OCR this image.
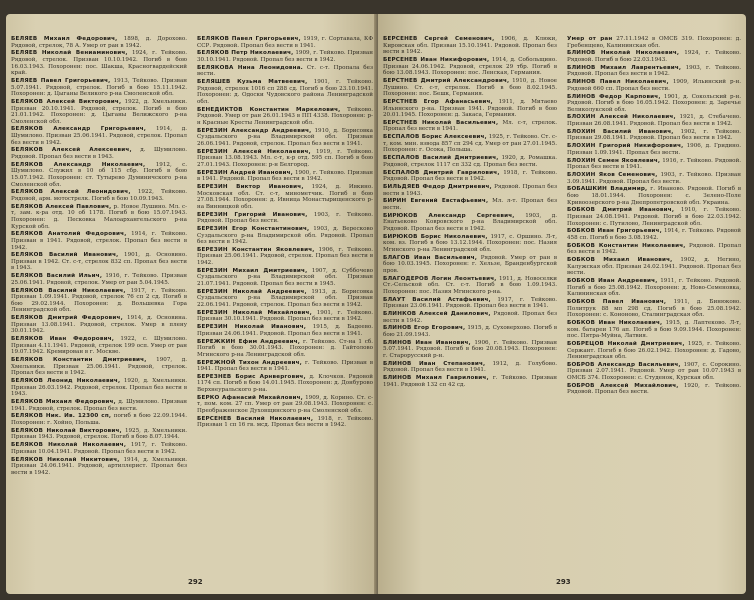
БЕЛЯЕВ Михаил Федорович, 1898, д. Дорохово. Рядовой, стрелок, 78 А. Умер от ран в 1942.

БЕЛЯЕВ Николай Вениаминович, 1924, г. Тейково. Рядовой, стрелок. Призван 10.10.1942. Погиб в бою 16.03.1943. Похоронен: пос. Шакша, Красногвардейский край.

БЕЛЯЕВ Павел Григорьевич, 1913, Тейково. Призван 5.07.1941. Рядовой, стрелок. Погиб в бою 15.11.1942. Похоронен: д. Цыганы Великого р-на Смоленской обл.

БЕЛЯКОВ Алексей Викторович, 1922, д. Хмельники. Призван 20.10.1941. Рядовой, стрелок. Погиб в бою 21.01.1942. Похоронен: д. Цыганы Велижского р-на Смоленской обл.

БЕЛЯКОВ Александр Григорьевич, 1914, д. Шумилово. Призван 25.06.1941. Рядовой, стрелок. Пропал без вести в 1942.

БЕЛЯКОВ Алексей Алексеевич, д. Шумилово. Рядовой. Пропал без вести в 1943.

БЕЛЯКОВ Александр Николаевич, 1912, с. Шумилово. Служил в 10 об 115 сбр. Погиб в бою 15.07.1942. Похоронен: ст. Тутырево Думиничского р-на Смоленской обл.

БЕЛЯКОВ Алексей Леонидович, 1922, Тейково. Рядовой, арм. мотострелк. Погиб в бою 10.09.1943.

БЕЛЯКОВ Алексей Павлович, р. Новое Лушино. Мл. с-т, зам. к-ра отд. 10 об 1178. Погиб в бою 15.07.1943. Похоронен: д. Песковка Малоархангельского р-на Курской обл.

БЕЛЯКОВ Анатолий Федорович, 1914, г. Тейково. Призван в 1941. Рядовой, стрелок. Пропал без вести в 1942.

БЕЛЯКОВ Василий Иванович, 1901, д. Основино. Призван в 1942. Ст. с-т, стрелок 832 сп. Пропал без вести в 1943.

БЕЛЯКОВ Василий Ильич, 1916, г. Тейково. Призван 25.06.1941. Рядовой, стрелок. Умер от ран 5.04.1945.

БЕЛЯКОВ Василий Николаевич, 1917, г. Тейково. Призван 1.09.1941. Рядовой, стрелок 76 сп 2 сд. Погиб в бою 29.02.1944. Похоронен: д. Вольшевка Гора Ленинградской обл.

БЕЛЯКОВ Дмитрий Федорович, 1914, д. Основина. Призван 13.08.1941. Рядовой, стрелок. Умер в плену 30.01.1942.

БЕЛЯКОВ Иван Федорович, 1922, с. Шумилово. Призван 4.11.1941. Рядовой, стрелок 199 осп. Умер от ран 19.07.1942. Кремирован в г. Москве.

БЕЛЯКОВ Константин Дмитриевич, 1907, д. Хмельники. Призван 25.06.1941. Рядовой, стрелок. Пропал без вести в 1942.

БЕЛЯКОВ Леонид Николаевич, 1920, д. Хмельники. Призван 26.03.1942. Рядовой, стрелок. Пропал без вести в 1943.

БЕЛЯКОВ Михаил Федорович, д. Шумилово. Призван 1941. Рядовой, стрелок. Пропал без вести.

БЕЛЯКОВ Ник. Ив. 12300 сп, погиб в бою 22.09.1944. Похоронен: г. Хойно, Польша.

БЕЛЯКОВ Николай Викторович, 1925, д. Хмельники. Призван 1943. Рядовой, стрелок. Погиб в бою 8.07.1944.

БЕЛЯКОВ Николай Николаевич, 1917, г. Тейково. Призван 10.04.1941. Рядовой. Пропал без вести в 1942.

БЕЛЯКОВ Николай Никитович, 1914, д. Хмельники. Призван 24.06.1941. Рядовой, артиллерист. Пропал без вести в 1942.

БЕЛЯКОВ Павел Григорьевич, 1919, г. Сортавала, КФ ССР. Рядовой. Пропал без вести в 1941.

БЕЛЯКОВ Петр Николаевич, 1909, г. Тейково. Призван 30.10.1941. Рядовой. Пропал без вести в 1942.

БЕЛЯКОВА Нина Леонидовна. Ст. с-т. Пропала без вести.

БЕЛЯШЕВ Кузьма Матвеевич, 1901, г. Тейково. Рядовой, стрелок 1016 сп 288 сд. Погиб в бою 23.10.1941. Похоронен: д. Одоски Чудовского района Ленинградской обл.

БЕНЕДИКТОВ Константин Маркелович, Тейково. Рядовой. Умер от ран 26.01.1943 в ПП 4338. Похоронен: р-н Красные Кресты Ленинградской обл.

БЕРЕЗИН Александр Андреевич, 1910, д. Борисовка Суздальского р-на Владимирской обл. Призван 26.06.1941. Рядовой, стрелок. Пропал без вести в 1941.

БЕРЕЗИН Алексей Николаевич, 1919, г. Тейково. Призван 13.08.1943. Мл. с-т, к-р отд. 595 сп. Погиб в бою 27.01.1943. Похоронен: р-н Белгород.

БЕРЕЗИН Андрей Иванович, 1900, г. Тейково. Призван в 1941. Рядовой. Пропал без вести в 1942.

БЕРЕЗИН Виктор Иванович, 1924, д. Ивкино. Московская обл. Ст. с-т, минометчик. Погиб в бою 27.08.1944. Похоронен: д. Ивница Монастырищенского р-на Винницкой обл.

БЕРЕЗИН Григорий Иванович, 1903, г. Тейково. Рядовой. Пропал без вести.

БЕРЕЗИН Егор Константинович, 1903, д. Вересково Суздальского р-на Владимирской обл. Рядовой. Пропал без вести в 1942.

БЕРЕЗИН Константин Яковлевич, 1906, г. Тейково. Призван 25.06.1941. Рядовой, стрелок. Пропал без вести в 1942.

БЕРЕЗИН Михаил Дмитриевич, 1907, д. Суббочево Суздальского р-на Владимирской обл. Призван 21.07.1941. Рядовой. Пропал без вести в 1945.

БЕРЕЗИН Николай Андреевич, 1913, д. Борисовка Суздальского р-на Владимирской обл. Призван 22.06.1941. Рядовой, стрелок. Пропал без вести в 1942.

БЕРЕЗИН Николай Михайлович, 1901, г. Тейково. Призван 30.10.1941. Рядовой. Пропал без вести в 1942.

БЕРЕЗИН Николай Иванович, 1915, д. Бадеево. Призван 24.06.1941. Рядовой. Пропал без вести в 1941.

БЕРЕЖКИН Ефим Андреевич, г. Тейково. Ст-на 1 сб. Погиб в бою 30.01.1943. Похоронен: д. Гайтолово Мгинского р-на Ленинградской обл.

БЕРЕЖНОЙ Тихон Андреевич, г. Тейково. Призван в 1941. Пропал без вести в 1941.

БЕРЕЗНЕВ Борис Арнвергович, д. Клочков. Рядовой 1174 сп. Погиб в бою 14.01.1945. Похоронен: д. Донбурово Верхнеуральского р-на.

БЕРКО Афанасий Михайлович, 1909, д. Корино. Ст. с-т, пом. ком. 27 сп. Умер от ран 29.08.1943. Похоронен: с. Преображенское Духовщинского р-на Смоленской обл.

БЕРСЕНЕВ Василий Николаевич, 1918, г. Тейково. Призван 1 сп 16 гв. мсд. Пропал без вести в 1942.

292

БЕРСЕНЕВ Сергей Семенович, 1906, д. Клюки, Кировская обл. Призван 15.10.1941. Рядовой. Пропал без вести в 1942.

БЕРСЕНЕВ Иван Никифорович, 1914, д. Собольщино. Призван 24.06.1942. Рядовой, стрелок 29 тбр. Погиб в бою 13.08.1943. Похоронен: пос. Ленская, Германия.

БЕРСТНЕВ Дмитрий Александрович, 1910, д. Новое Лушино. Ст. с-т, стрелок. Погиб в бою 8.02.1945. Похоронен: пос. Бешк, Германия.

БЕРСТНЕВ Егор Афанасьевич, 1911, д. Митаево Ильинского р-на. Призван 1941. Рядовой. Погиб в бою 20.01.1945. Похоронен: д. Закаса, Германия.

БЕРСТНЕВ Николай Васильевич, Мл. с-т, стрелок. Пропал без вести в 1941.

БЕСПАЛОВ Борис Алексеевич, 1925, г. Тейково. Ст. с-т, ком. мин. взвода 857 сп 294 сд. Умер от ран 27.01.1945. Похоронен: г. Осока, Польша.

БЕСПАЛОВ Василий Дмитриевич, 1920, д. Ромашка. Рядовой, стрелок 1117 сп 332 сд. Пропал без вести.

БЕСПАЛОВ Дмитрий Гаврилович, 1918, г. Тейково. Рядовой. Пропал без вести в 1942.

БИЛЬДЯЕВ Федор Дмитриевич, Рядовой. Пропал без вести в 1943.

БИРИН Евгений Евстафьевич, Мл. л-т. Пропал без вести.

БИРЮКОВ Александр Сергеевич, 1903, д. Енатьеково Ковровского р-на Владимирской обл. Рядовой. Пропал без вести в 1942.

БИРЮКОВ Борис Николаевич, 1917, с. Оршино. Л-т, ком. вз. Погиб в бою 13.12.1944. Похоронен: пос. Назия Мгинского р-на Ленинградской обл.

БЛАГОВ Иван Васильевич, Рядовой. Умер от ран в бою 10.03.1945. Похоронен: г. Хельзе, Бранденбургской пров.

БЛАГОДЕРОВ Логин Леонтьевич, 1911, д. Новоселки Ст.-Сельской обл. Ст. с-т. Погиб в бою 1.09.1943. Похоронен: пос. Назия Мгинского р-на.

БЛАУТ Василий Астафьевич, 1917, г. Тейково. Призван 23.06.1941. Рядовой. Пропал без вести в 1941.

БЛИНКОВ Алексей Данилович, Рядовой. Пропал без вести в 1942.

БЛИНОВ Егор Егорович, 1915, д. Суховерхово. Погиб в бою 21.09.1943.

БЛИНОВ Иван Иванович, 1906, г. Тейково. Призван 5.07.1941. Рядовой. Погиб в бою 20.08.1943. Похоронен: г. Старорусский р-н.

БЛИНОВ Иван Степанович, 1912, д. Голубово. Рядовой. Пропал без вести в 1941.

БЛИНОВ Михаил Гаврилович, г. Тейково. Призван 1941. Рядовой 132 сп 42 сд.

Умер от ран 27.11.1942 в ОМСБ 319. Похоронен: д. Гребенщево, Калининская обл.

БЛИНОВ Николай Николаевич, 1924, г. Тейково. Рядовой. Погиб в бою 22.03.1943.

БЛИНОВ Михаил Лаврентьевич, 1903, г. Тейково. Рядовой. Пропал без вести в 1942.

БЛИНОВ Павел Николаевич, 1909, Ильинский р-н. Рядовой 660 сп. Пропал без вести.

БЛИНОВ Федор Карпович, 1901, д. Сокольский р-н. Рядовой. Погиб в бою 16.05.1942. Похоронен: д. Заречье Великолукской обл.

БЛОХИН Алексей Николаевич, 1921, д. Стебачево. Призван 26.08.1941. Рядовой. Пропал без вести в 1942.

БЛОХИН Василий Иванович, 1902, г. Тейково. Призван 29.08.1941. Рядовой. Пропал без вести в 1942.

БЛОХИН Григорий Никифорович, 1906, д. Гридино. Призван 1.09.1941. Пропал без вести.

БЛОХИН Семен Яковлевич, 1916, г. Тейково. Рядовой. Пропал без вести в 1941.

БЛОХИН Яков Семенович, 1903, г. Тейково. Призван 3.09.1941. Рядовой. Пропал без вести.

БОБАШКИН Владимир, г. Иваново. Рядовой. Погиб в бою 18.01.1944. Похоронен: с. Зелено-Поле Кривоозерского р-на Днепропетровской обл. Украина.

БОБКОВ Дмитрий Иванович, 1910, г. Тейково. Призван 24.08.1941. Рядовой. Погиб в бою 22.03.1942. Похоронен: с. Путилово, Ленинградской обл.

БОБКОВ Иван Григорьевич, 1914, г. Тейково. Рядовой 458 сп. Погиб в бою 3.08.1942.

БОБКОВ Константин Николаевич, Рядовой. Пропал без вести в 1942.

БОБКОВ Михаил Иванович, 1902, д. Негино, Калужская обл. Призван 24.02.1941. Рядовой. Пропал без вести.

БОБКОВ Иван Андреевич, 1911, г. Тейково. Рядовой. Погиб в бою 25.08.1942. Похоронен: д. Ново-Семеновка, Калининская обл.

БОБКОВ Павел Иванович, 1911, д. Бинюково. Политрук 88 мп 298 сд. Погиб в бою 25.08.1942. Похоронен: с. Кононово, Сталинградская обл.

БОБКОВ Иван Николаевич, 1915, д. Лаптеково. Л-т, ком. батареи 176 ап. Погиб в бою 9.09.1944. Похоронен: пос. Пятра-Муйна, Латвия.

БОБРЕЦОВ Николай Дмитриевич, 1925, г. Тейково. Сержант. Погиб в бою 26.02.1942. Похоронен: д. Гадово, Ленинградская обл.

БОБРОВ Александр Васильевич, 1907, с. Сорокино. Призван 2.07.1941. Рядовой. Умер от ран 10.07.1943 в ОМСБ 374. Похоронен: с. Студенок, Курская обл.

БОБРОВ Алексей Михайлович, 1920, г. Тейково. Рядовой. Пропал без вести.

293
